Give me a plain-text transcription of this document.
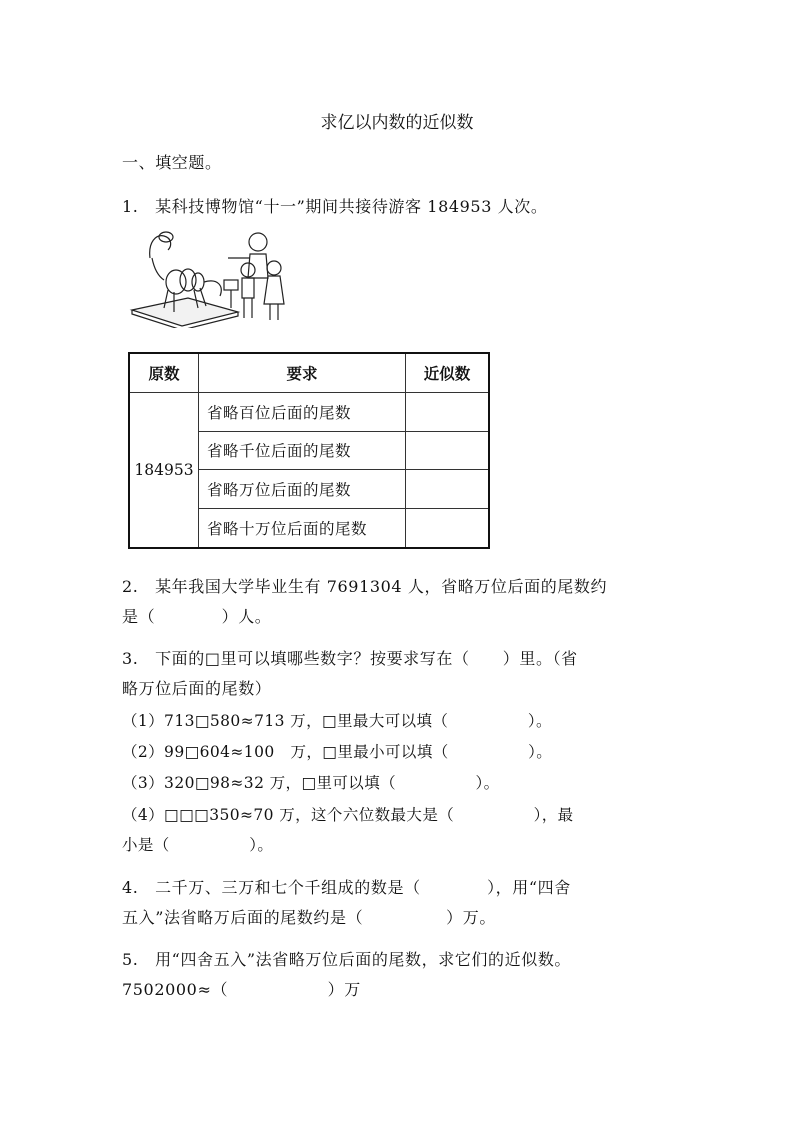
求亿以内数的近似数
一、填空题。
1.　某科技博物馆“十一”期间共接待游客 184953 人次。
原数	要求	近似数
184953	省略百位后面的尾数	
	省略千位后面的尾数	
	省略万位后面的尾数	
	省略十万位后面的尾数	
2.　某年我国大学毕业生有 7691304 人，省略万位后面的尾数约
是（　　　　）人。
3.　下面的□里可以填哪些数字？按要求写在（　　）里。（省
略万位后面的尾数）
（1）713□580≈713 万，□里最大可以填（　　　　　）。
（2）99□604≈100　万，□里最小可以填（　　　　　）。
（3）320□98≈32 万，□里可以填（　　　　　）。
（4）□□□350≈70 万，这个六位数最大是（　　　　　），最
小是（　　　　　）。
4.　二千万、三万和七个千组成的数是（　　　　），用“四舍
五入”法省略万后面的尾数约是（　　　　　）万。
5.　用“四舍五入”法省略万位后面的尾数，求它们的近似数。
7502000≈（　　　　　　）万
